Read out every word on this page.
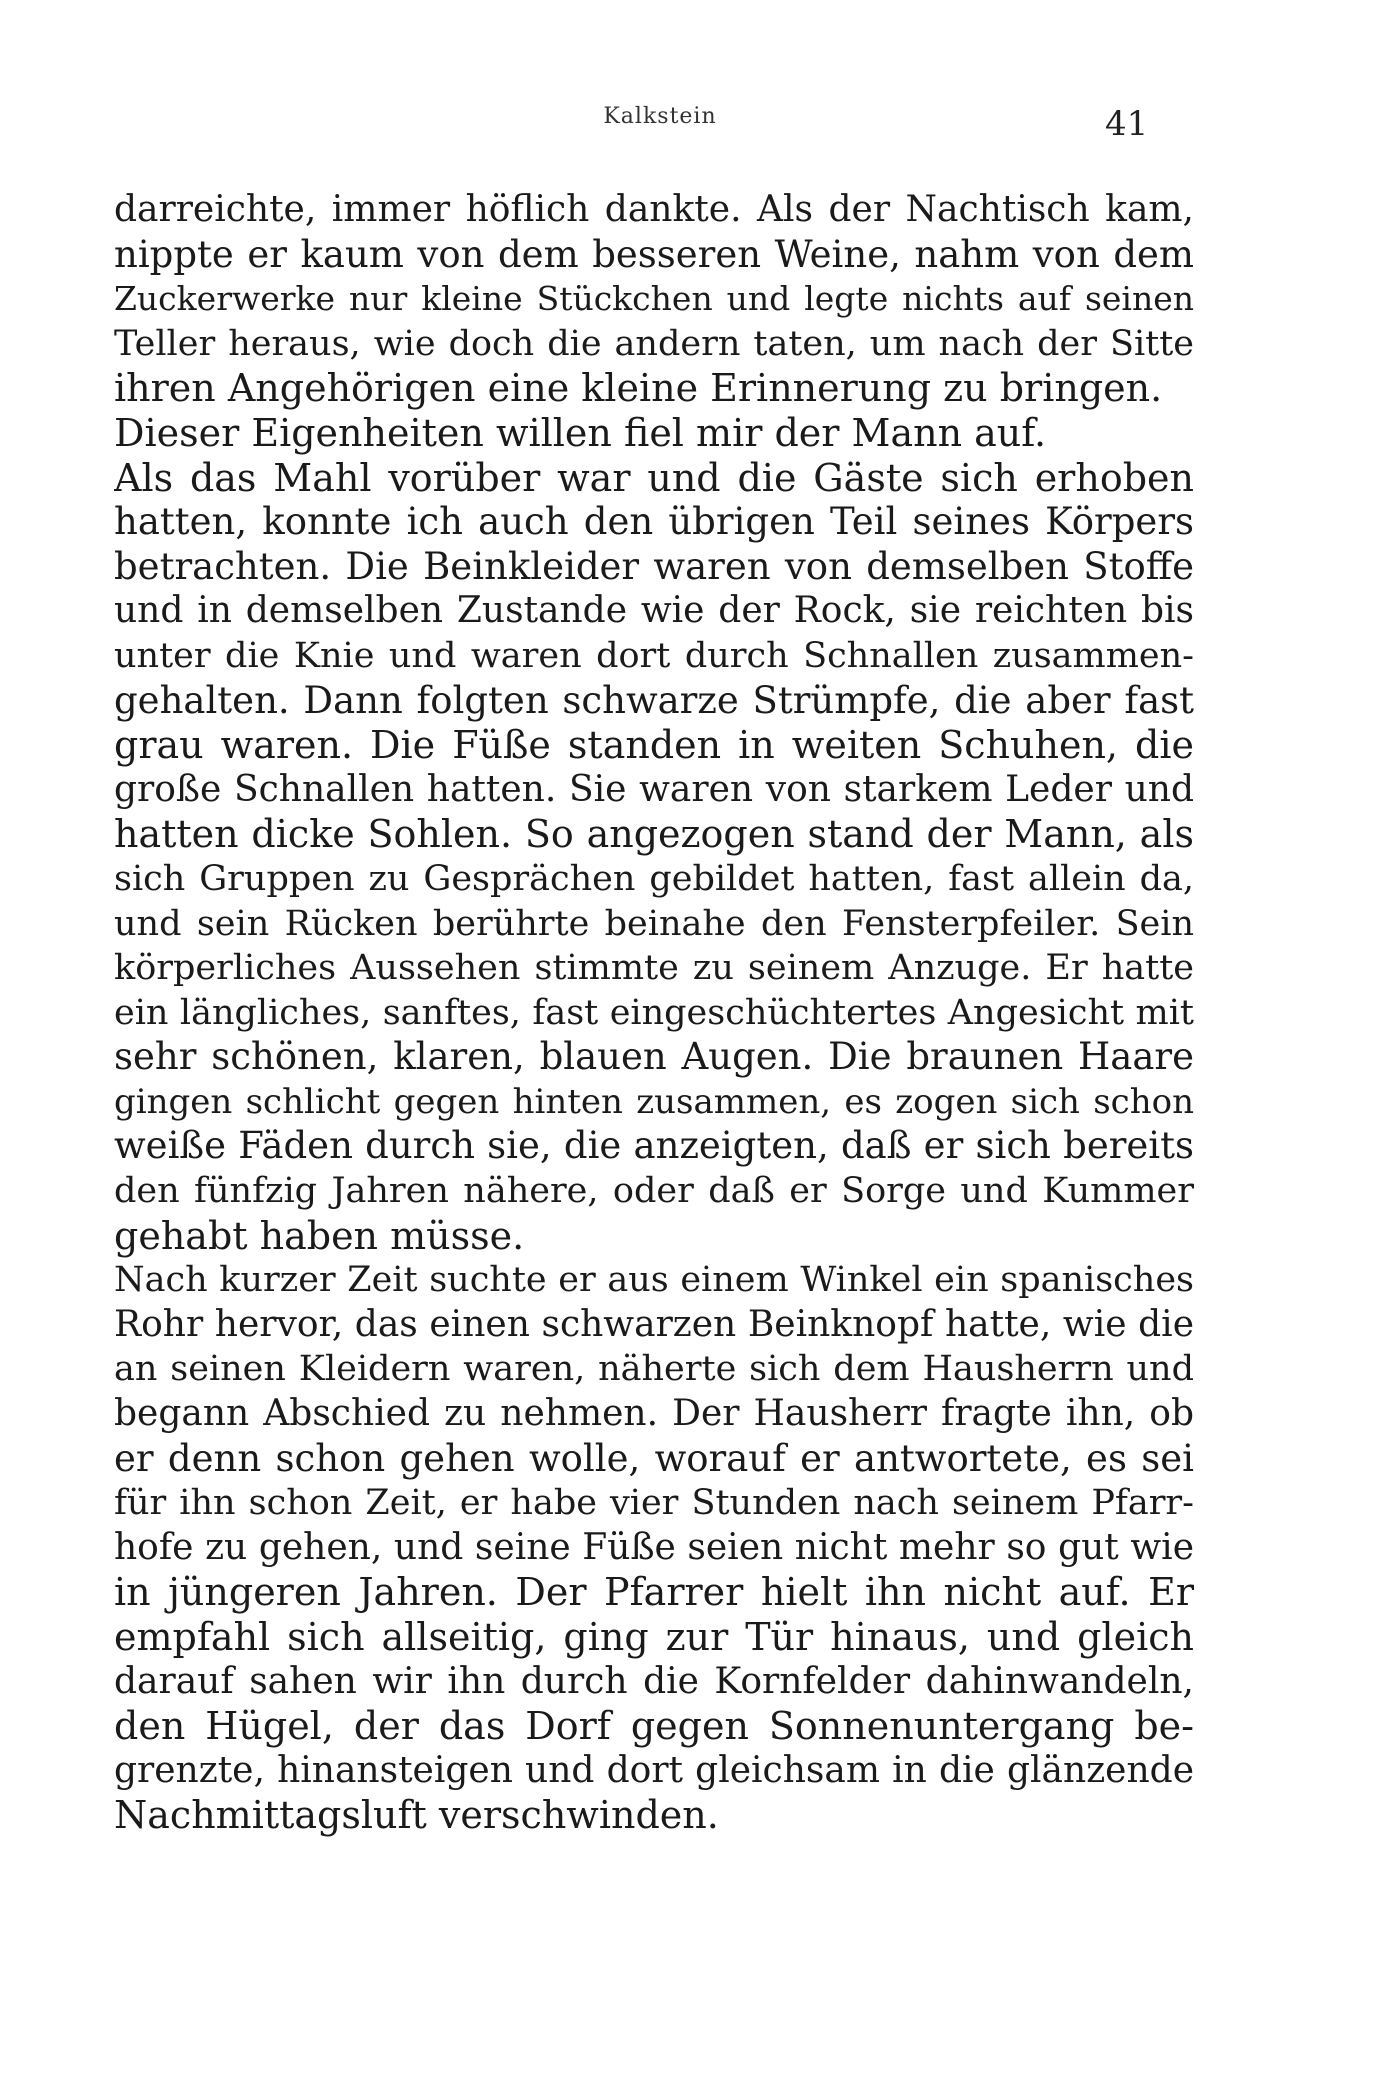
Kalkstein	41
darreichte, immer höflich dankte. Als der Nachtisch kam,
nippte er kaum von dem besseren Weine, nahm von dem
Zuckerwerke nur kleine Stückchen und legte nichts auf seinen
Teller heraus, wie doch die andern taten, um nach der Sitte
ihren Angehörigen eine kleine Erinnerung zu bringen.
Dieser Eigenheiten willen fiel mir der Mann auf.
Als das Mahl vorüber war und die Gäste sich erhoben
hatten, konnte ich auch den übrigen Teil seines Körpers
betrachten. Die Beinkleider waren von demselben Stoffe
und in demselben Zustande wie der Rock, sie reichten bis
unter die Knie und waren dort durch Schnallen zusammen-
gehalten. Dann folgten schwarze Strümpfe, die aber fast
grau waren. Die Füße standen in weiten Schuhen, die
große Schnallen hatten. Sie waren von starkem Leder und
hatten dicke Sohlen. So angezogen stand der Mann, als
sich Gruppen zu Gesprächen gebildet hatten, fast allein da,
und sein Rücken berührte beinahe den Fensterpfeiler. Sein
körperliches Aussehen stimmte zu seinem Anzuge. Er hatte
ein längliches, sanftes, fast eingeschüchtertes Angesicht mit
sehr schönen, klaren, blauen Augen. Die braunen Haare
gingen schlicht gegen hinten zusammen, es zogen sich schon
weiße Fäden durch sie, die anzeigten, daß er sich bereits
den fünfzig Jahren nähere, oder daß er Sorge und Kummer
gehabt haben müsse.
Nach kurzer Zeit suchte er aus einem Winkel ein spanisches
Rohr hervor, das einen schwarzen Beinknopf hatte, wie die
an seinen Kleidern waren, näherte sich dem Hausherrn und
begann Abschied zu nehmen. Der Hausherr fragte ihn, ob
er denn schon gehen wolle, worauf er antwortete, es sei
für ihn schon Zeit, er habe vier Stunden nach seinem Pfarr-
hofe zu gehen, und seine Füße seien nicht mehr so gut wie
in jüngeren Jahren. Der Pfarrer hielt ihn nicht auf. Er
empfahl sich allseitig, ging zur Tür hinaus, und gleich
darauf sahen wir ihn durch die Kornfelder dahinwandeln,
den Hügel, der das Dorf gegen Sonnenuntergang be-
grenzte, hinansteigen und dort gleichsam in die glänzende
Nachmittagsluft verschwinden.
